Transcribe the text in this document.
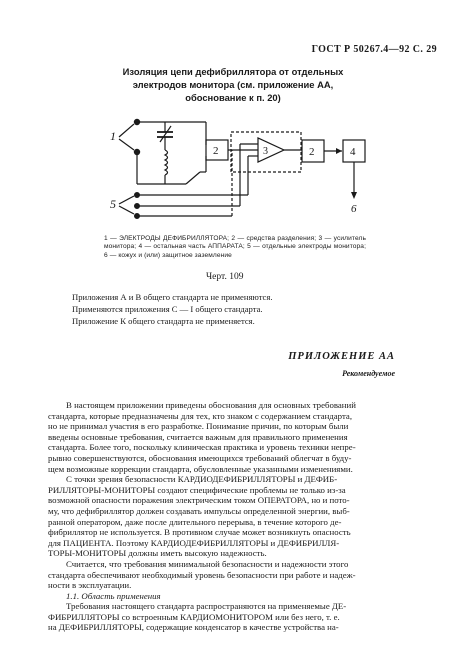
ГОСТ Р 50267.4—92 С. 29
Изоляция цепи дефибриллятора от отдельных
электродов монитора (см. приложение АА,
обоснование к п. 20)
1
2	3	2	4
6
5
1 — ЭЛЕКТРОДЫ ДЕФИБРИЛЛЯТОРА; 2 — средства разделения; 3 — усилитель монитора; 4 — остальная часть АППАРАТА; 5 — отдельные электроды монитора; 6 — кожух и (или) защитное заземление
Черт. 109
Приложения А и В общего стандарта не применяются.
Применяются приложения С — I общего стандарта.
Приложение К общего стандарта не применяется.
ПРИЛОЖЕНИЕ АА
Рекомендуемое
В настоящем приложении приведены обоснования для основных требований
стандарта, которые предназначены для тех, кто знаком с содержанием стандарта,
но не принимал участия в его разработке. Понимание причин, по которым были
введены основные требования, считается важным для правильного применения
стандарта. Более того, поскольку клиническая практика и уровень техники непре-
рывно совершенствуются, обоснования имеющихся требований облегчат в буду-
щем возможные коррекции стандарта, обусловленные указанными изменениями.
С точки зрения безопасности КАРДИОДЕФИБРИЛЛЯТОРЫ и ДЕФИБ-
РИЛЛЯТОРЫ-МОНИТОРЫ создают специфические проблемы не только из-за
возможной опасности поражения электрическим током ОПЕРАТОРА, но и пото-
му, что дефибриллятор должен создавать импульсы определенной энергии, выб-
ранной оператором, даже после длительного перерыва, в течение которого де-
фибриллятор не используется. В противном случае может возникнуть опасность
для ПАЦИЕНТА. Поэтому КАРДИОДЕФИБРИЛЛЯТОРЫ и ДЕФИБРИЛЛЯ-
ТОРЫ-МОНИТОРЫ должны иметь высокую надежность.
Считается, что требования минимальной безопасности и надежности этого
стандарта обеспечивают необходимый уровень безопасности при работе и надеж-
ности в эксплуатации.
1.1. Область применения
Требования настоящего стандарта распространяются на применяемые ДЕ-
ФИБРИЛЛЯТОРЫ со встроенным КАРДИОМОНИТОРОМ или без него, т. е.
на ДЕФИБРИЛЛЯТОРЫ, содержащие конденсатор в качестве устройства на-
